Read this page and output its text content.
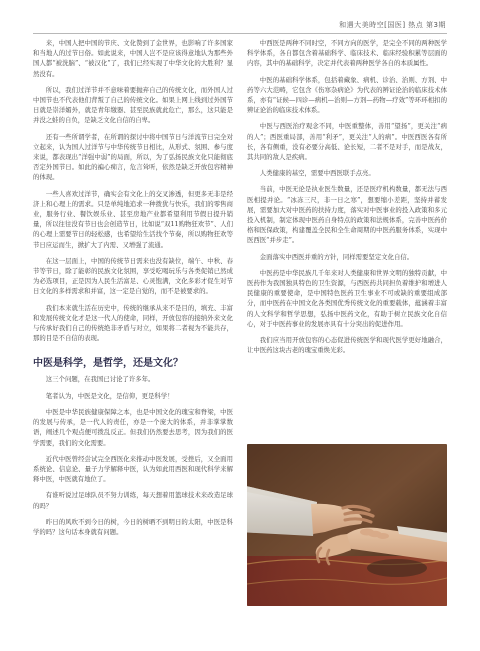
和遇大美時空[国医] 热点 第3期

来，中国人把中国的节庆、文化赞到了金世界，也影响了许多国家和当地人的过节日俗。如此说来，中国人岂不是应该得意地认为那些外国人都“被洗脑”、“被汉化”了，我们已经实现了中华文化的大胜利？显然没有。

所以，我们过洋节并不意味着要抛弃自己的传统文化，而外国人过中国节也不代表他们背叛了自己的传统文化。如果上网上线到过外国节日就是崇洋媚外，就是青年缴器、甚至民族就此危亡，那么，这只能是并没之蛙的自负，是缺乏文化自信的自卑。

还有一些所谓学者，在所谓的探讨中将中国节日与洋流节日完全对立起来，认为国人过洋节与中华传统节日相比，从形式、氛围、参与度来说，都表现出“洋强中弱”的局面，所以，为了弘扬民族文化只能彻底否定外国节日。如此的褊心痴言，危言耸听，依然是缺乏开放包容精神的体现。

一些人喜欢过洋节，确实会有文化上的交叉渗透，但更多无非是经济上和心理上的需求。只是单纯地追求一种拨犹与快乐，我们的零售商业，服务行业、餐饮娱乐业、甚至房地产业都希望利用节假日提升销量，所以往往没有节日也会创造节日，比如说“双11购物狂欢节”、人们的心理上需要节日的轻松感，也希望给生活找个节奏，所以购物狂欢等节日应运而生，掀扩大了内需、又增强了流通。

在这一层面上，中国的传统节日需来也没有缺位，端午、中秋、春节等节日，除了能彰的民族文化氛围，享受吃喝玩乐与各类促销已然成为必选项目，正是因为人民生活富足、心灵饱满，文化多彩才促生对节日文化的多样需求和并富，这一定是自觉的，而不是被要求的。

我们本来就生活在历史中，传统的继承从来不是目的，填充、丰富和发展传统文化才是这一代人的使命，同样，开放包容的接纳外来文化与传承好我们自己的传统绝非矛盾与对立，如果将二者视为不能共存，那的目是不自信的表现。

中医是科学，是哲学，还是文化？

这三个问题，在我国已讨论了许多年。

笔者认为，中医是文化，是信仰，更是科学！

中医是中华民族健康保障之本，也是中国文化的瑰宝和脊梁，中医的发展与传承，是一代人的责任，亦是一个庞大的体系，并非掌掌数语，阐述几个观点便可拨乱反正。但我们仍然要去思考，因为我们的医学需要，我们的文化需要。

近代中医曾经尝试完全西医化来推动中医发展，受挫后，又全面用系统论、信息论、量子力学解释中医，认为如此用西医和现代科学来解释中医，中医就有地位了。

有谁听说过足球队员不努力训练，每天想着用篮球技术来改造足球的吗？

昨日的风吹不到今日的树，今日的树晒不到明日的太阳，中医是科学的吗？这句话本身就有问题。

中西医是两种不同时空，不同方向的医学，是完全不同的两种医学科学体系，各自都包含着基础科学、临床技术、临床经验积累等层面的内容，其中的基础科学，决定并代表着两种医学各自的本质属性。

中医的基础科学体系，包括着藏象、病机、诊治、治则、方剂、中药等六大范畴，它包含《伤寒杂病论》为代表的辨证论治的临床技术体系，亦有“证候—四诊—病机—治则—方剂—药物—疗效”等环环相扣的辨证论治的临床技术体系。

中医与西医治疗观念不同，中医重整体，善用“望扬”，更关注“病的人”；西医重局部，善用“利矛”，更关注“人的病”。中医西医各有所长，各有侧重，没有必要分高低、论长短，二者不是对手，而是战友，其共同的敌人是疾病。

人类健康的基空，需要中西医联手点亮。

当前，中医无论是执业医生数量，还是医疗机构数量，都无法与西医相提并论。“冰冻三尺，非一日之寒”，想要缩小差距，坚持并蓄发展，需要加大对中医药的扶持力度，落实对中医事业的投入政策和多元投入机制，制定体现中医药自身特点的政策和法规体系，完善中医药价格和医保政策，构建覆盖全民和全生命周期的中医药服务体系，实现中医西医“并步走”。

金面落实中西医并重的方针，同样需要坚定文化自信。

中医药是中华民族几千年来对人类健康和世界文明的独特贡献，中医药作为我国独具特色的卫生资源，与西医药共同担负着维护和增进人民健康的重要使命，是中国特色医药卫生事业不可或缺的重要组成部分，而中医药在中国文化各类国优秀传统文化的重要载体，蕴涵着丰富的人文科学和哲学思想，弘扬中医药文化，有助于树立民族文化自信心，对于中医药事业的发展亦具有十分突出的促进作用。

我们应当用开放包容的心态促进传统医学和现代医学更好地融合，让中医药这块古老的瑰宝重焕光彩。
